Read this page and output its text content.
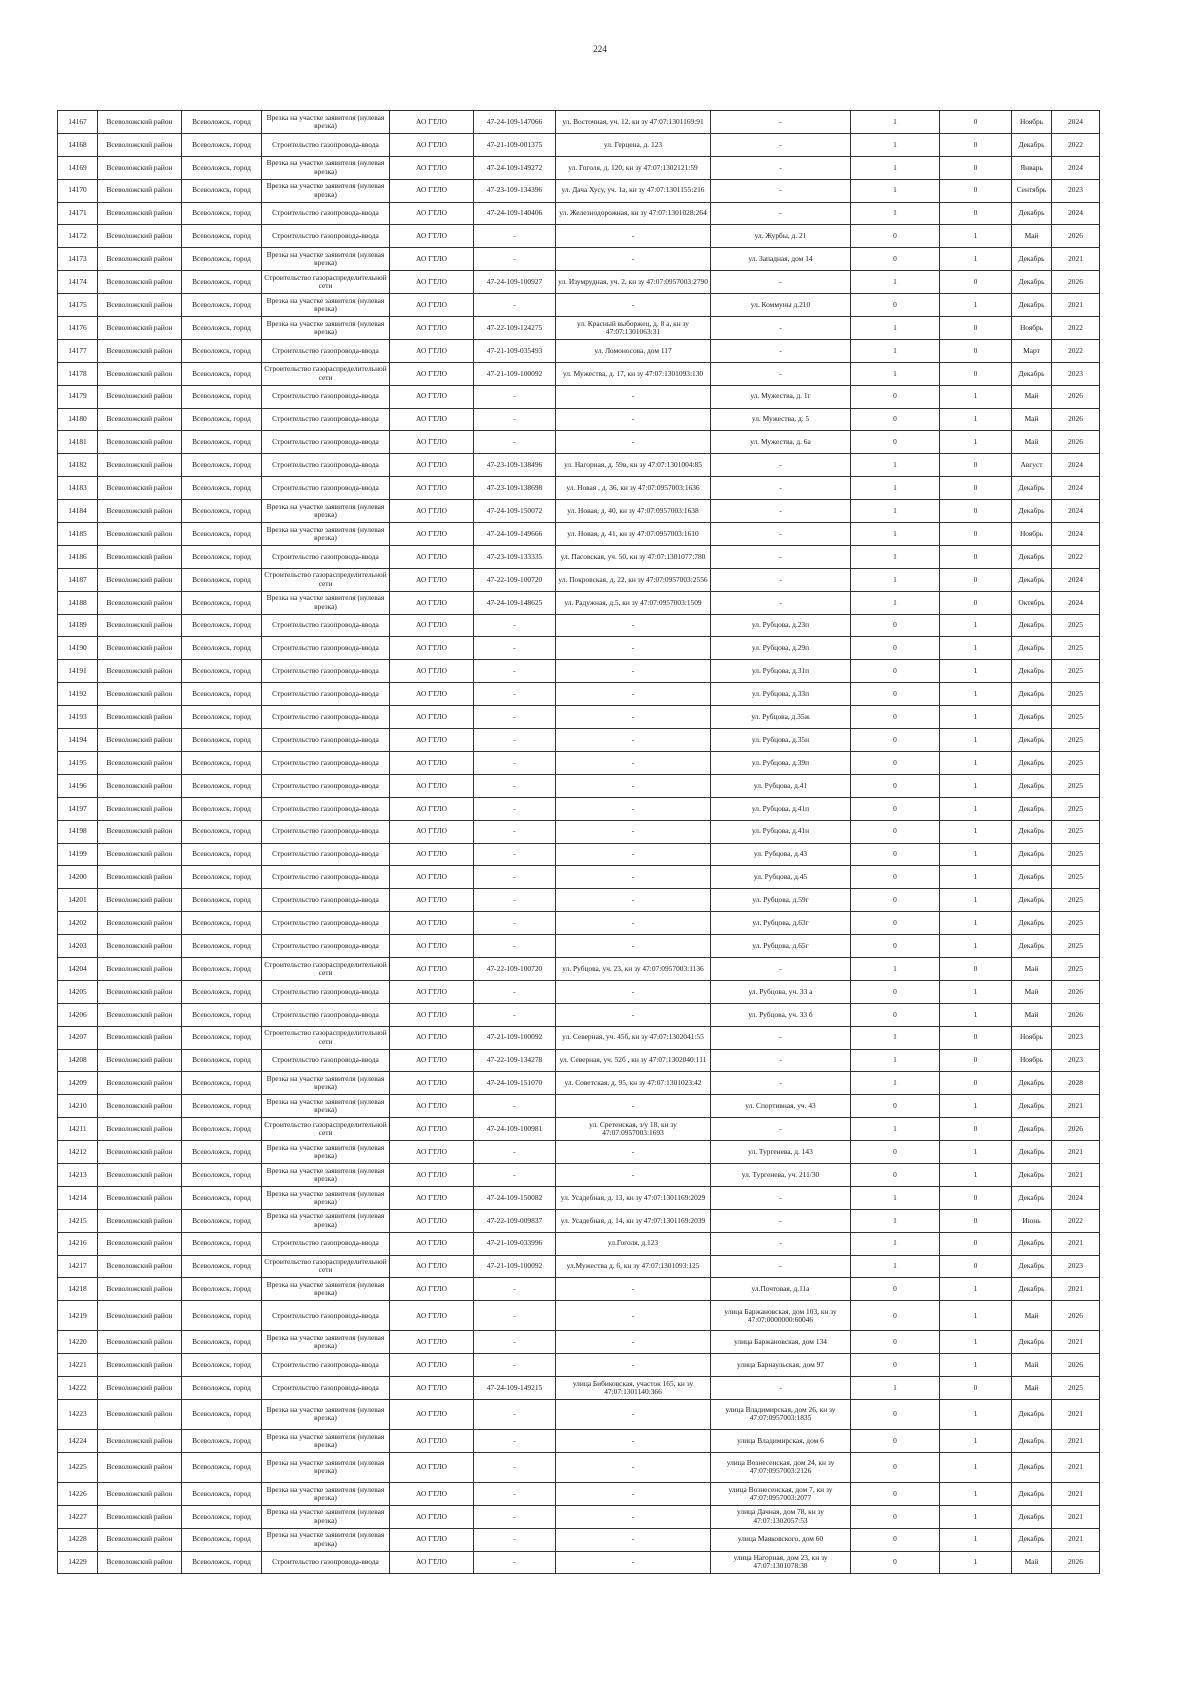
224
14167	Всеволожский район	Всеволожск, город	Врезка на участке заявителя (нулевая врезка)	АО ГТЛО	47-24-109-147066	ул. Восточная, уч. 12, кн зу 47:07:1301169:91	-	1	0	Ноябрь	2024
14168	Всеволожский район	Всеволожск, город	Строительство газопровода-ввода	АО ГТЛО	47-21-109-001375	ул. Герцена, д. 123	-	1	0	Декабрь	2022
14169	Всеволожский район	Всеволожск, город	Врезка на участке заявителя (нулевая врезка)	АО ГТЛО	47-24-109-149272	ул. Гоголя, д. 120, кн зу 47:07:1302121:59	-	1	0	Январь	2024
14170	Всеволожский район	Всеволожск, город	Врезка на участке заявителя (нулевая врезка)	АО ГТЛО	47-23-109-134396	ул. Дача Хусу, уч. 1а, кн зу 47:07:1301155:216	-	1	0	Сентябрь	2023
14171	Всеволожский район	Всеволожск, город	Строительство газопровода-ввода	АО ГТЛО	47-24-109-140406	ул. Железнодорожная, кн зу 47:07:1301028:264	-	1	0	Декабрь	2024
14172	Всеволожский район	Всеволожск, город	Строительство газопровода-ввода	АО ГТЛО	-	-	ул. Журбы, д. 21	0	1	Май	2026
14173	Всеволожский район	Всеволожск, город	Врезка на участке заявителя (нулевая врезка)	АО ГТЛО	-	-	ул. Западная, дом 14	0	1	Декабрь	2021
14174	Всеволожский район	Всеволожск, город	Строительство газораспределительной сети	АО ГТЛО	47-24-109-100927	ул. Изумрудная, уч. 2, кн зу 47:07:0957003:2790	-	1	0	Декабрь	2026
14175	Всеволожский район	Всеволожск, город	Врезка на участке заявителя (нулевая врезка)	АО ГТЛО	-	-	ул. Коммуны д.210	0	1	Декабрь	2021
14176	Всеволожский район	Всеволожск, город	Врезка на участке заявителя (нулевая врезка)	АО ГТЛО	47-22-109-124275	ул. Красный выборжец, д. 8 а, кн зу 47:07:1301063:31	-	1	0	Ноябрь	2022
14177	Всеволожский район	Всеволожск, город	Строительство газопровода-ввода	АО ГТЛО	47-21-109-035493	ул. Ломоносова, дом 117	-	1	0	Март	2022
14178	Всеволожский район	Всеволожск, город	Строительство газораспределительной сети	АО ГТЛО	47-21-109-100092	ул. Мужества, д. 17, кн зу 47:07:1301093:130	-	1	0	Декабрь	2023
14179	Всеволожский район	Всеволожск, город	Строительство газопровода-ввода	АО ГТЛО	-	-	ул. Мужества, д. 1г	0	1	Май	2026
14180	Всеволожский район	Всеволожск, город	Строительство газопровода-ввода	АО ГТЛО	-	-	ул. Мужества, д. 5	0	1	Май	2026
14181	Всеволожский район	Всеволожск, город	Строительство газопровода-ввода	АО ГТЛО	-	-	ул. Мужества, д. 6а	0	1	Май	2026
14182	Всеволожский район	Всеволожск, город	Строительство газопровода-ввода	АО ГТЛО	47-23-109-138496	ул. Нагорная, д. 59в, кн зу 47:07:1301004:85	-	1	0	Август	2024
14183	Всеволожский район	Всеволожск, город	Строительство газопровода-ввода	АО ГТЛО	47-23-109-138698	ул. Новая , д. 36, кн зу 47:07:0957003:1636	-	1	0	Декабрь	2024
14184	Всеволожский район	Всеволожск, город	Врезка на участке заявителя (нулевая врезка)	АО ГТЛО	47-24-109-150072	ул. Новая, д. 40, кн зу 47:07:0957003:1638	-	1	0	Декабрь	2024
14185	Всеволожский район	Всеволожск, город	Врезка на участке заявителя (нулевая врезка)	АО ГТЛО	47-24-109-149666	ул. Новая, д. 41, кн зу 47:07:0957003:1610	-	1	0	Ноябрь	2024
14186	Всеволожский район	Всеволожск, город	Строительство газопровода-ввода	АО ГТЛО	47-23-109-133335	ул. Пасовская, уч. 50, кн зу 47:07:1301077:780	-	1	0	Декабрь	2022
14187	Всеволожский район	Всеволожск, город	Строительство газораспределительной сети	АО ГТЛО	47-22-109-100720	ул. Покровская, д. 22, кн зу 47:07:0957003:2556	-	1	0	Декабрь	2024
14188	Всеволожский район	Всеволожск, город	Врезка на участке заявителя (нулевая врезка)	АО ГТЛО	47-24-109-148625	ул. Радужная, д.5, кн зу 47:07:0957003:1509	-	1	0	Октябрь	2024
14189	Всеволожский район	Всеволожск, город	Строительство газопровода-ввода	АО ГТЛО	-	-	ул. Рубцова, д.23п	0	1	Декабрь	2025
14190	Всеволожский район	Всеволожск, город	Строительство газопровода-ввода	АО ГТЛО	-	-	ул. Рубцова, д.29п	0	1	Декабрь	2025
14191	Всеволожский район	Всеволожск, город	Строительство газопровода-ввода	АО ГТЛО	-	-	ул. Рубцова, д.31п	0	1	Декабрь	2025
14192	Всеволожский район	Всеволожск, город	Строительство газопровода-ввода	АО ГТЛО	-	-	ул. Рубцова, д.33п	0	1	Декабрь	2025
14193	Всеволожский район	Всеволожск, город	Строительство газопровода-ввода	АО ГТЛО	-	-	ул. Рубцова, д.35ж	0	1	Декабрь	2025
14194	Всеволожский район	Всеволожск, город	Строительство газопровода-ввода	АО ГТЛО	-	-	ул. Рубцова, д.35н	0	1	Декабрь	2025
14195	Всеволожский район	Всеволожск, город	Строительство газопровода-ввода	АО ГТЛО	-	-	ул. Рубцова, д.39п	0	1	Декабрь	2025
14196	Всеволожский район	Всеволожск, город	Строительство газопровода-ввода	АО ГТЛО	-	-	ул. Рубцова, д.41	0	1	Декабрь	2025
14197	Всеволожский район	Всеволожск, город	Строительство газопровода-ввода	АО ГТЛО	-	-	ул. Рубцова, д.41п	0	1	Декабрь	2025
14198	Всеволожский район	Всеволожск, город	Строительство газопровода-ввода	АО ГТЛО	-	-	ул. Рубцова, д.41н	0	1	Декабрь	2025
14199	Всеволожский район	Всеволожск, город	Строительство газопровода-ввода	АО ГТЛО	-	-	ул. Рубцова, д.43	0	1	Декабрь	2025
14200	Всеволожский район	Всеволожск, город	Строительство газопровода-ввода	АО ГТЛО	-	-	ул. Рубцова, д.45	0	1	Декабрь	2025
14201	Всеволожский район	Всеволожск, город	Строительство газопровода-ввода	АО ГТЛО	-	-	ул. Рубцова, д.59г	0	1	Декабрь	2025
14202	Всеволожский район	Всеволожск, город	Строительство газопровода-ввода	АО ГТЛО	-	-	ул. Рубцова, д.63г	0	1	Декабрь	2025
14203	Всеволожский район	Всеволожск, город	Строительство газопровода-ввода	АО ГТЛО	-	-	ул. Рубцова, д.65г	0	1	Декабрь	2025
14204	Всеволожский район	Всеволожск, город	Строительство газораспределительной сети	АО ГТЛО	47-22-109-100720	ул. Рубцова, уч. 23, кн зу 47:07:0957003:1136	-	1	0	Май	2025
14205	Всеволожский район	Всеволожск, город	Строительство газопровода-ввода	АО ГТЛО	-	-	ул. Рубцова, уч. 33 а	0	1	Май	2026
14206	Всеволожский район	Всеволожск, город	Строительство газопровода-ввода	АО ГТЛО	-	-	ул. Рубцова, уч. 33 б	0	1	Май	2026
14207	Всеволожский район	Всеволожск, город	Строительство газораспределительной сети	АО ГТЛО	47-21-109-100092	ул. Северная, уч. 45б, кн зу 47:07:1302041:55	-	1	0	Ноябрь	2023
14208	Всеволожский район	Всеволожск, город	Строительство газопровода-ввода	АО ГТЛО	47-22-109-134278	ул. Северная, уч. 52б , кн зу 47:07:1302040:111	-	1	0	Ноябрь	2023
14209	Всеволожский район	Всеволожск, город	Врезка на участке заявителя (нулевая врезка)	АО ГТЛО	47-24-109-151070	ул. Советская, д. 95, кн зу 47:07:1301023:42	-	1	0	Декабрь	2028
14210	Всеволожский район	Всеволожск, город	Врезка на участке заявителя (нулевая врезка)	АО ГТЛО	-	-	ул. Спортивная, уч. 43	0	1	Декабрь	2021
14211	Всеволожский район	Всеволожск, город	Строительство газораспределительной сети	АО ГТЛО	47-24-109-100981	ул. Сретенская, з/у 18, кн зу 47:07:0957003:1693	-	1	0	Декабрь	2026
14212	Всеволожский район	Всеволожск, город	Врезка на участке заявителя (нулевая врезка)	АО ГТЛО	-	-	ул. Тургенева, д. 143	0	1	Декабрь	2021
14213	Всеволожский район	Всеволожск, город	Врезка на участке заявителя (нулевая врезка)	АО ГТЛО	-	-	ул. Тургенева, уч. 211/30	0	1	Декабрь	2021
14214	Всеволожский район	Всеволожск, город	Врезка на участке заявителя (нулевая врезка)	АО ГТЛО	47-24-109-150082	ул. Усадебная, д. 13, кн зу 47:07:1301169:2029	-	1	0	Декабрь	2024
14215	Всеволожский район	Всеволожск, город	Врезка на участке заявителя (нулевая врезка)	АО ГТЛО	47-22-109-009837	ул. Усадебная, д. 14, кн зу 47:07:1301169:2039	-	1	0	Июнь	2022
14216	Всеволожский район	Всеволожск, город	Строительство газопровода-ввода	АО ГТЛО	47-21-109-033996	ул.Гоголя, д.123	-	1	0	Декабрь	2021
14217	Всеволожский район	Всеволожск, город	Строительство газораспределительной сети	АО ГТЛО	47-21-109-100092	ул.Мужества д. 6, кн зу 47:07:1301093:125	-	1	0	Декабрь	2023
14218	Всеволожский район	Всеволожск, город	Врезка на участке заявителя (нулевая врезка)	АО ГТЛО	-	-	ул.Почтовая, д.11а	0	1	Декабрь	2021
14219	Всеволожский район	Всеволожск, город	Строительство газопровода-ввода	АО ГТЛО	-	-	улица Баржановская, дом 103, кн зу 47:07:0000000:60046	0	1	Май	2026
14220	Всеволожский район	Всеволожск, город	Врезка на участке заявителя (нулевая врезка)	АО ГТЛО	-	-	улица Баржановская, дом 134	0	1	Декабрь	2021
14221	Всеволожский район	Всеволожск, город	Строительство газопровода-ввода	АО ГТЛО	-	-	улица Барнаульская, дом 97	0	1	Май	2026
14222	Всеволожский район	Всеволожск, город	Строительство газопровода-ввода	АО ГТЛО	47-24-109-149215	улица Бибиковская, участок 165, кн зу 47:07:1301140:366	-	1	0	Май	2025
14223	Всеволожский район	Всеволожск, город	Врезка на участке заявителя (нулевая врезка)	АО ГТЛО	-	-	улица Владимирская, дом 26, кн зу 47:07:0957003:1835	0	1	Декабрь	2021
14224	Всеволожский район	Всеволожск, город	Врезка на участке заявителя (нулевая врезка)	АО ГТЛО	-	-	улица Владимирская, дом 6	0	1	Декабрь	2021
14225	Всеволожский район	Всеволожск, город	Врезка на участке заявителя (нулевая врезка)	АО ГТЛО	-	-	улица Вознесенская, дом 24, кн зу 47:07:0957003:2126	0	1	Декабрь	2021
14226	Всеволожский район	Всеволожск, город	Врезка на участке заявителя (нулевая врезка)	АО ГТЛО	-	-	улица Вознесенская, дом 7, кн зу 47:07:0957003:2077	0	1	Декабрь	2021
14227	Всеволожский район	Всеволожск, город	Врезка на участке заявителя (нулевая врезка)	АО ГТЛО	-	-	улица Дачная, дом 78, кн зу 47:07:1302057:53	0	1	Декабрь	2021
14228	Всеволожский район	Всеволожск, город	Врезка на участке заявителя (нулевая врезка)	АО ГТЛО	-	-	улица Маяковского, дом 60	0	1	Декабрь	2021
14229	Всеволожский район	Всеволожск, город	Строительство газопровода-ввода	АО ГТЛО	-	-	улица Нагорная, дом 23, кн зу 47:07:1301078:38	0	1	Май	2026
